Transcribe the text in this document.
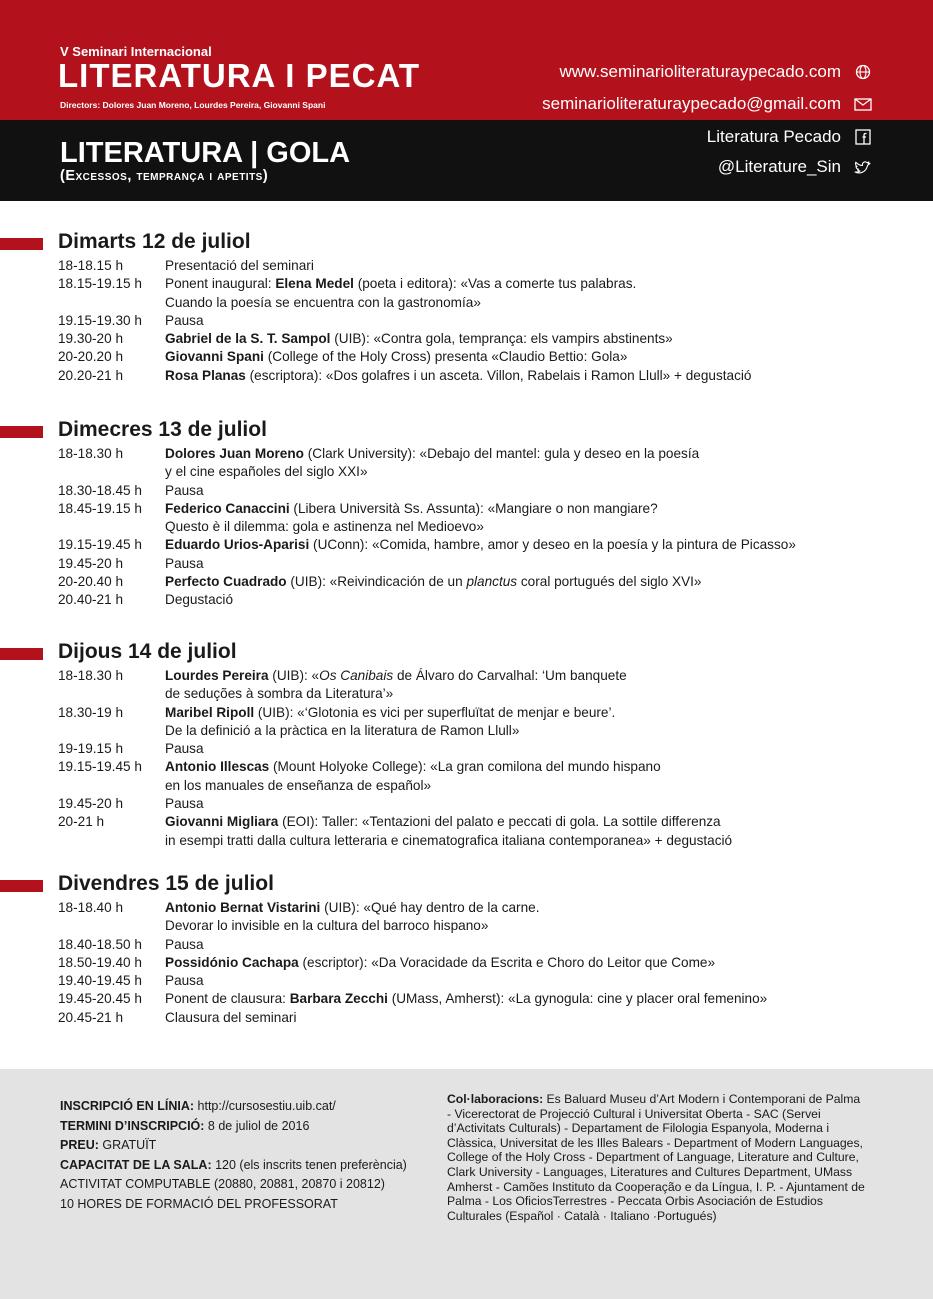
V Seminari Internacional
LITERATURA I PECAT
Directors: Dolores Juan Moreno, Lourdes Pereira, Giovanni Spani
www.seminarioliteraturaypecado.com
seminarioliteraturaypecado@gmail.com
Literatura Pecado
@Literature_Sin
LITERATURA | GOLA
(Excessos, temprança i apetits)
Dimarts 12 de juliol
18-18.15 h	Presentació del seminari
18.15-19.15 h	Ponent inaugural: Elena Medel (poeta i editora): «Vas a comerte tus palabras.
Cuando la poesía se encuentra con la gastronomía»
19.15-19.30 h	Pausa
19.30-20 h	Gabriel de la S. T. Sampol (UIB): «Contra gola, temprança: els vampirs abstinents»
20-20.20 h	Giovanni Spani (College of the Holy Cross) presenta «Claudio Bettio: Gola»
20.20-21 h	Rosa Planas (escriptora): «Dos golafres i un asceta. Villon, Rabelais i Ramon Llull» + degustació
Dimecres 13 de juliol
18-18.30 h	Dolores Juan Moreno (Clark University): «Debajo del mantel: gula y deseo en la poesía
y el cine españoles del siglo XXI»
18.30-18.45 h	Pausa
18.45-19.15 h	Federico Canaccini (Libera Università Ss. Assunta): «Mangiare o non mangiare?
Questo è il dilemma: gola e astinenza nel Medioevo»
19.15-19.45 h	Eduardo Urios-Aparisi (UConn): «Comida, hambre, amor y deseo en la poesía y la pintura de Picasso»
19.45-20 h	Pausa
20-20.40 h	Perfecto Cuadrado (UIB): «Reivindicación de un planctus coral portugués del siglo XVI»
20.40-21 h	Degustació
Dijous 14 de juliol
18-18.30 h	Lourdes Pereira (UIB): «Os Canibais de Álvaro do Carvalhal: ‘Um banquete
de seduções à sombra da Literatura’»
18.30-19 h	Maribel Ripoll (UIB): «‘Glotonia es vici per superfluïtat de menjar e beure’.
De la definició a la pràctica en la literatura de Ramon Llull»
19-19.15 h	Pausa
19.15-19.45 h	Antonio Illescas (Mount Holyoke College): «La gran comilona del mundo hispano
en los manuales de enseñanza de español»
19.45-20 h	Pausa
20-21 h	Giovanni Migliara (EOI): Taller: «Tentazioni del palato e peccati di gola. La sottile differenza
in esempi tratti dalla cultura letteraria e cinematografica italiana contemporanea» + degustació
Divendres 15 de juliol
18-18.40 h	Antonio Bernat Vistarini (UIB): «Qué hay dentro de la carne.
Devorar lo invisible en la cultura del barroco hispano»
18.40-18.50 h	Pausa
18.50-19.40 h	Possidónio Cachapa (escriptor): «Da Voracidade da Escrita e Choro do Leitor que Come»
19.40-19.45 h	Pausa
19.45-20.45 h	Ponent de clausura: Barbara Zecchi (UMass, Amherst): «La gynogula: cine y placer oral femenino»
20.45-21 h	Clausura del seminari
INSCRIPCIÓ EN LÍNIA: http://cursosestiu.uib.cat/
TERMINI D’INSCRIPCIÓ: 8 de juliol de 2016
PREU: GRATUÏT
CAPACITAT DE LA SALA: 120 (els inscrits tenen preferència)
ACTIVITAT COMPUTABLE (20880, 20881, 20870 i 20812)
10 HORES DE FORMACIÓ DEL PROFESSORAT
Col·laboracions: Es Baluard Museu d’Art Modern i Contemporani de Palma - Vicerectorat de Projecció Cultural i Universitat Oberta - SAC (Servei d’Activitats Culturals) - Departament de Filologia Espanyola, Moderna i Clàssica, Universitat de les Illes Balears - Department of Modern Languages, College of the Holy Cross - Department of Language, Literature and Culture, Clark University - Languages, Literatures and Cultures Department, UMass Amherst - Camões Instituto da Cooperação e da Língua, I. P. - Ajuntament de Palma - Los OficiosTerrestres - Peccata Orbis Asociación de Estudios Culturales (Español · Català · Italiano ·Portugués)
